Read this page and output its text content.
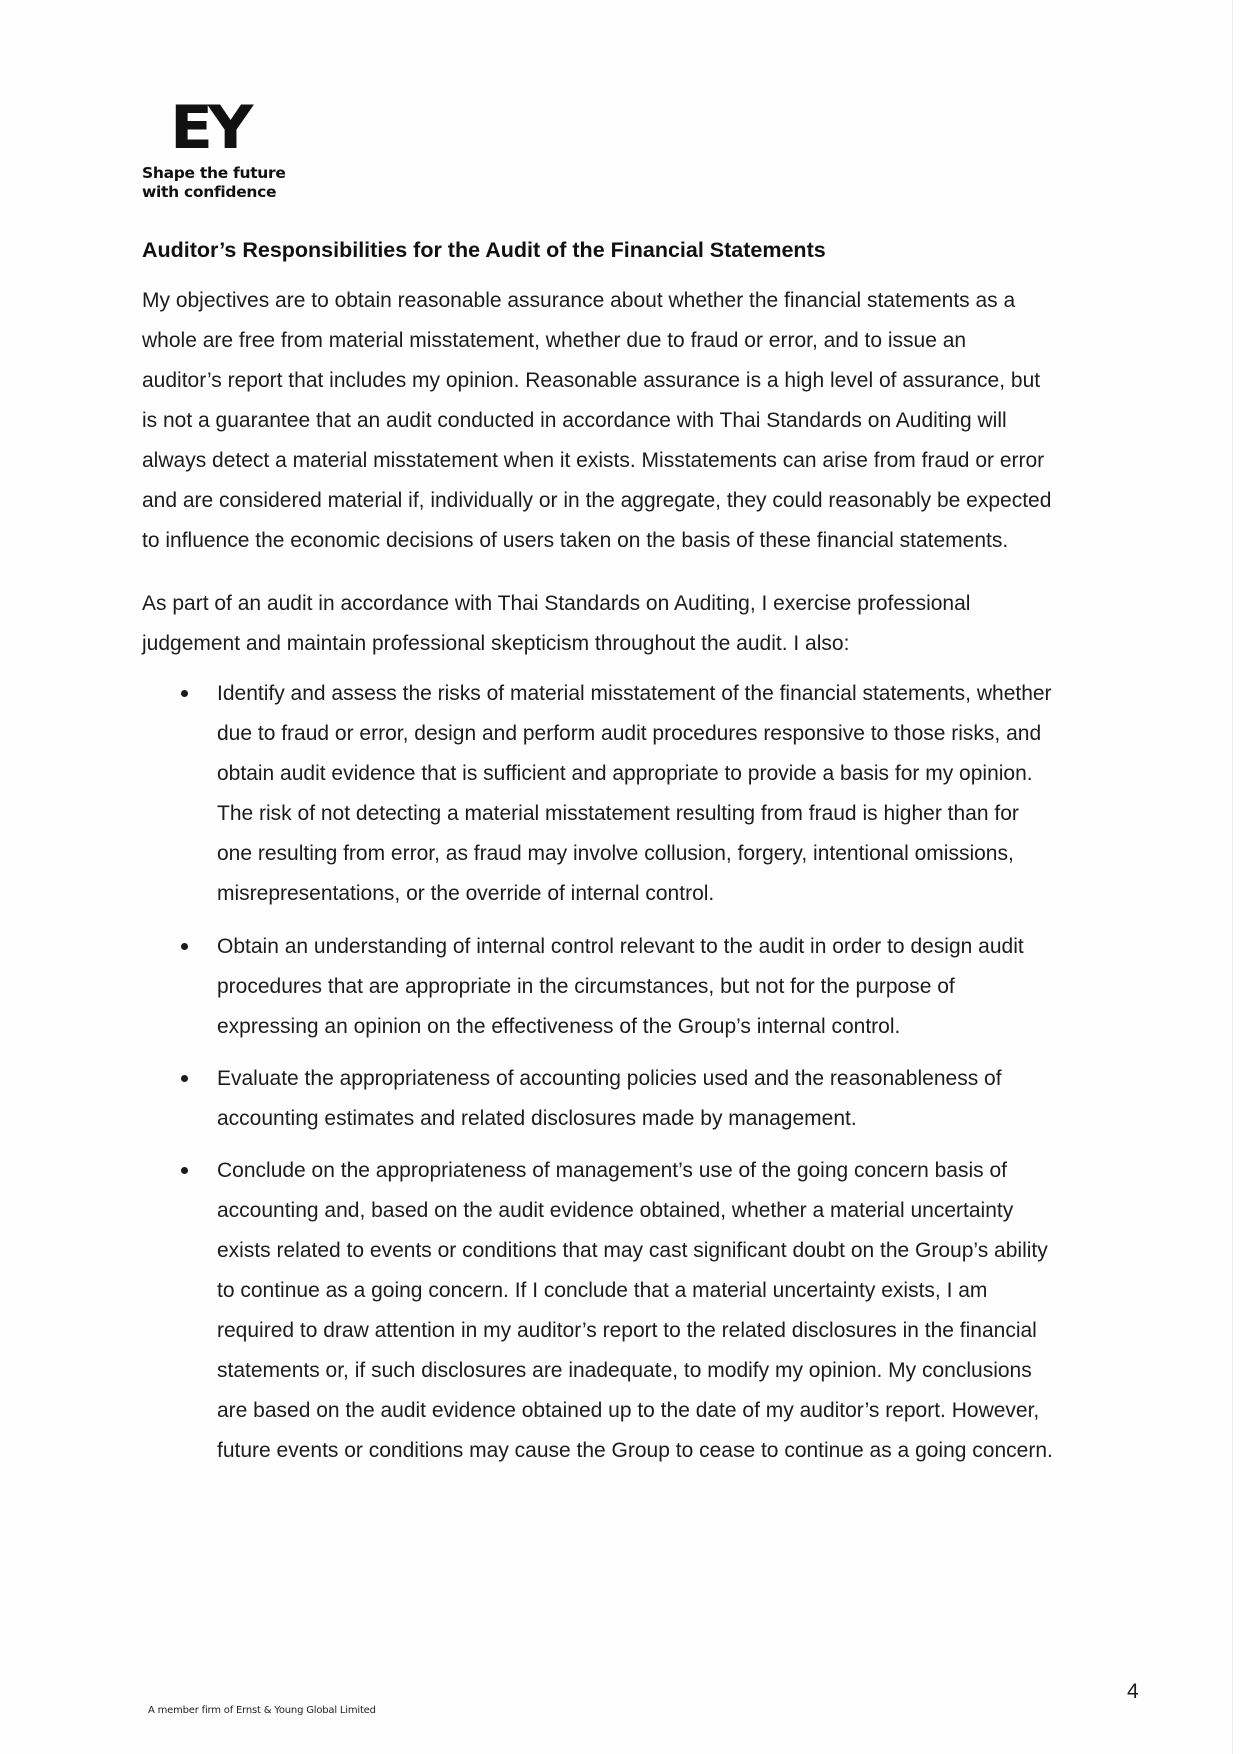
EY
Shape the future
with confidence
Auditor’s Responsibilities for the Audit of the Financial Statements
My objectives are to obtain reasonable assurance about whether the financial statements as a
whole are free from material misstatement, whether due to fraud or error, and to issue an
auditor’s report that includes my opinion. Reasonable assurance is a high level of assurance, but
is not a guarantee that an audit conducted in accordance with Thai Standards on Auditing will
always detect a material misstatement when it exists. Misstatements can arise from fraud or error
and are considered material if, individually or in the aggregate, they could reasonably be expected
to influence the economic decisions of users taken on the basis of these financial statements.
As part of an audit in accordance with Thai Standards on Auditing, I exercise professional
judgement and maintain professional skepticism throughout the audit. I also:
Identify and assess the risks of material misstatement of the financial statements, whether
due to fraud or error, design and perform audit procedures responsive to those risks, and
obtain audit evidence that is sufficient and appropriate to provide a basis for my opinion.
The risk of not detecting a material misstatement resulting from fraud is higher than for
one resulting from error, as fraud may involve collusion, forgery, intentional omissions,
misrepresentations, or the override of internal control.
Obtain an understanding of internal control relevant to the audit in order to design audit
procedures that are appropriate in the circumstances, but not for the purpose of
expressing an opinion on the effectiveness of the Group’s internal control.
Evaluate the appropriateness of accounting policies used and the reasonableness of
accounting estimates and related disclosures made by management.
Conclude on the appropriateness of management’s use of the going concern basis of
accounting and, based on the audit evidence obtained, whether a material uncertainty
exists related to events or conditions that may cast significant doubt on the Group’s ability
to continue as a going concern. If I conclude that a material uncertainty exists, I am
required to draw attention in my auditor’s report to the related disclosures in the financial
statements or, if such disclosures are inadequate, to modify my opinion. My conclusions
are based on the audit evidence obtained up to the date of my auditor’s report. However,
future events or conditions may cause the Group to cease to continue as a going concern.
A member firm of Ernst & Young Global Limited
4
